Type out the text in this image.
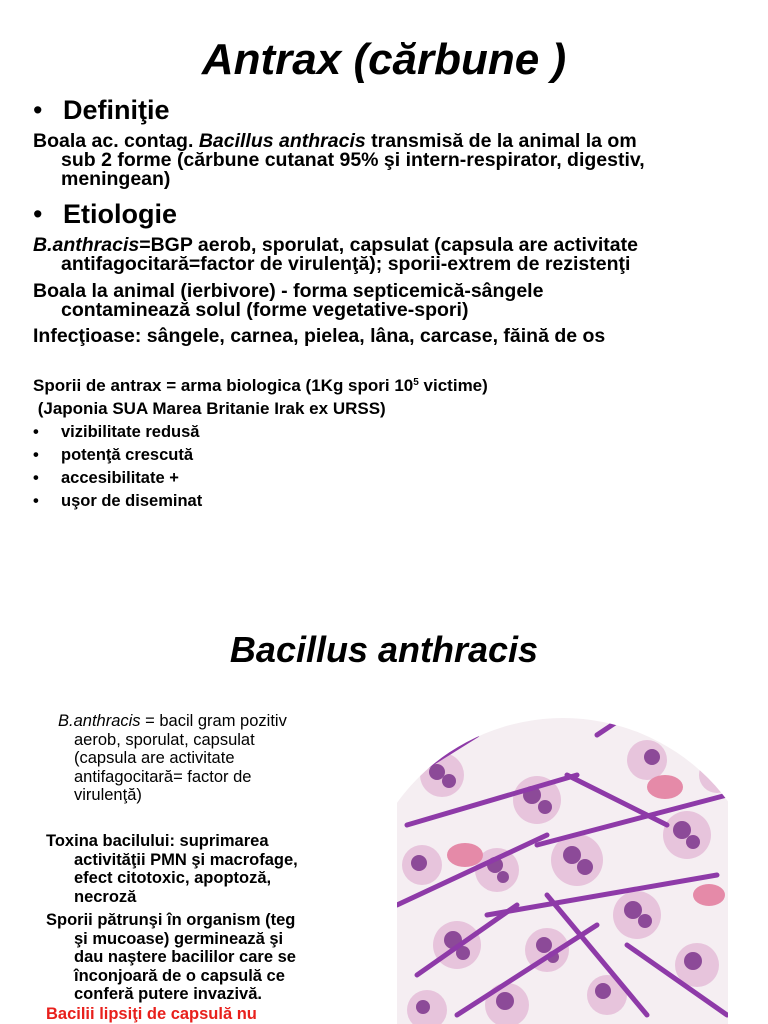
Antrax (cărbune )
• Definiţie
Boala ac. contag. Bacillus anthracis transmisă de la animal la om
sub 2 forme (cărbune cutanat 95% şi intern-respirator, digestiv,
meningean)
• Etiologie
B.anthracis=BGP aerob, sporulat, capsulat (capsula are activitate
antifagocitară=factor de virulenţă); sporii-extrem de rezistenţi
Boala la animal (ierbivore) - forma septicemică-sângele
contaminează solul (forme vegetative-spori)
Infecţioase: sângele, carnea, pielea, lâna, carcase, făină de os
Sporii de antrax = arma biologica (1Kg spori $10^5$ victime)
(Japonia SUA Marea Britanie Irak ex URSS)
• vizibilitate redusă
• potenţă crescută
• accesibilitate +
• uşor de diseminat
Bacillus anthracis
B.anthracis = bacil gram pozitiv
aerob, sporulat, capsulat
(capsula are activitate
antifagocitară= factor de
virulenţă)
Toxina bacilului: suprimarea
activităţii PMN şi macrofage,
efect citotoxic, apoptoză,
necroză
Sporii pătrunşi în organism (teg
şi mucoase) germinează şi
dau naştere bacililor care se
înconjoară de o capsulă ce
conferă putere invazivă.
Bacilii lipsiţi de capsulă nu
